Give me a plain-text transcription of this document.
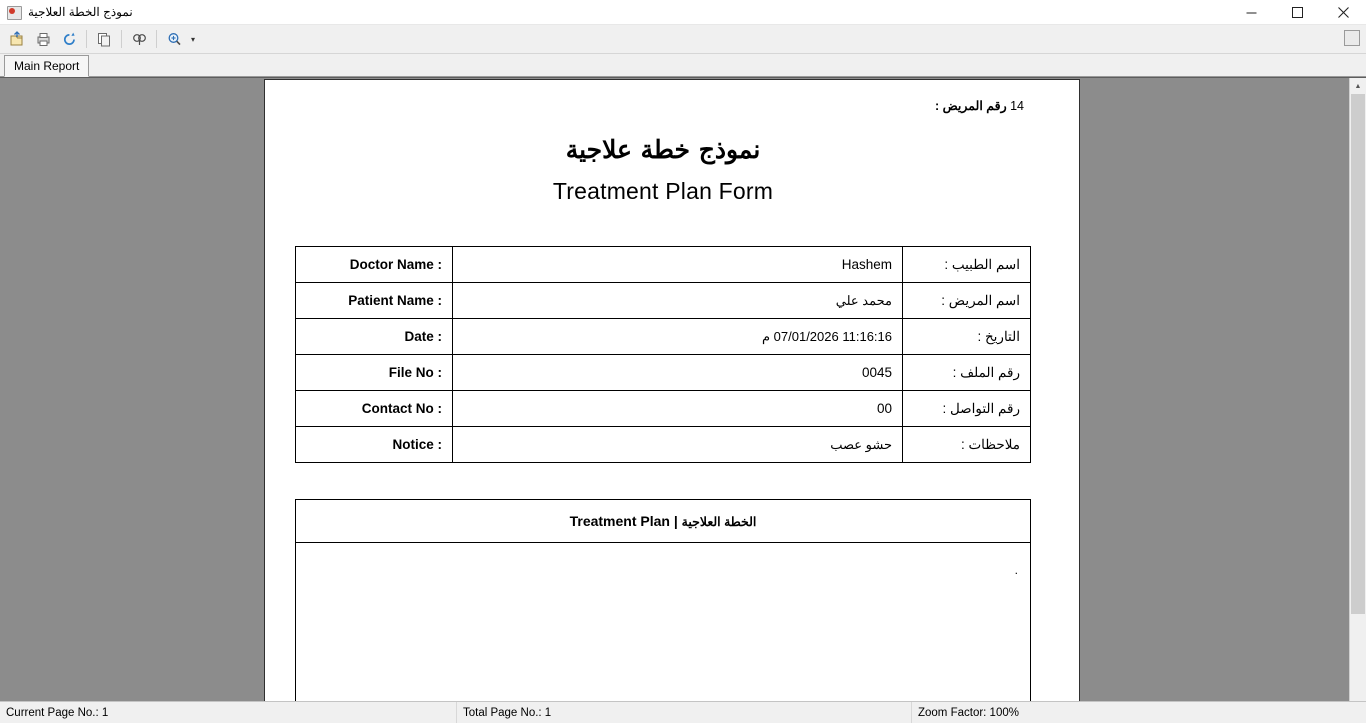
نموذج الخطة العلاجية
▾
Main Report
14 رقم المريض :
نموذج خطة علاجية
Treatment Plan Form
Doctor Name :	Hashem	اسم الطبيب :
Patient Name :	محمد علي	اسم المريض :
Date :	11:16:16 07/01/2026 م	التاريخ :
File No :	0045	رقم الملف :
Contact No :	00	رقم التواصل :
Notice :	حشو عصب	ملاحظات :
Treatment Plan | الخطة العلاجية
.
▲
Current Page No.: 1	Total Page No.: 1	Zoom Factor: 100%
